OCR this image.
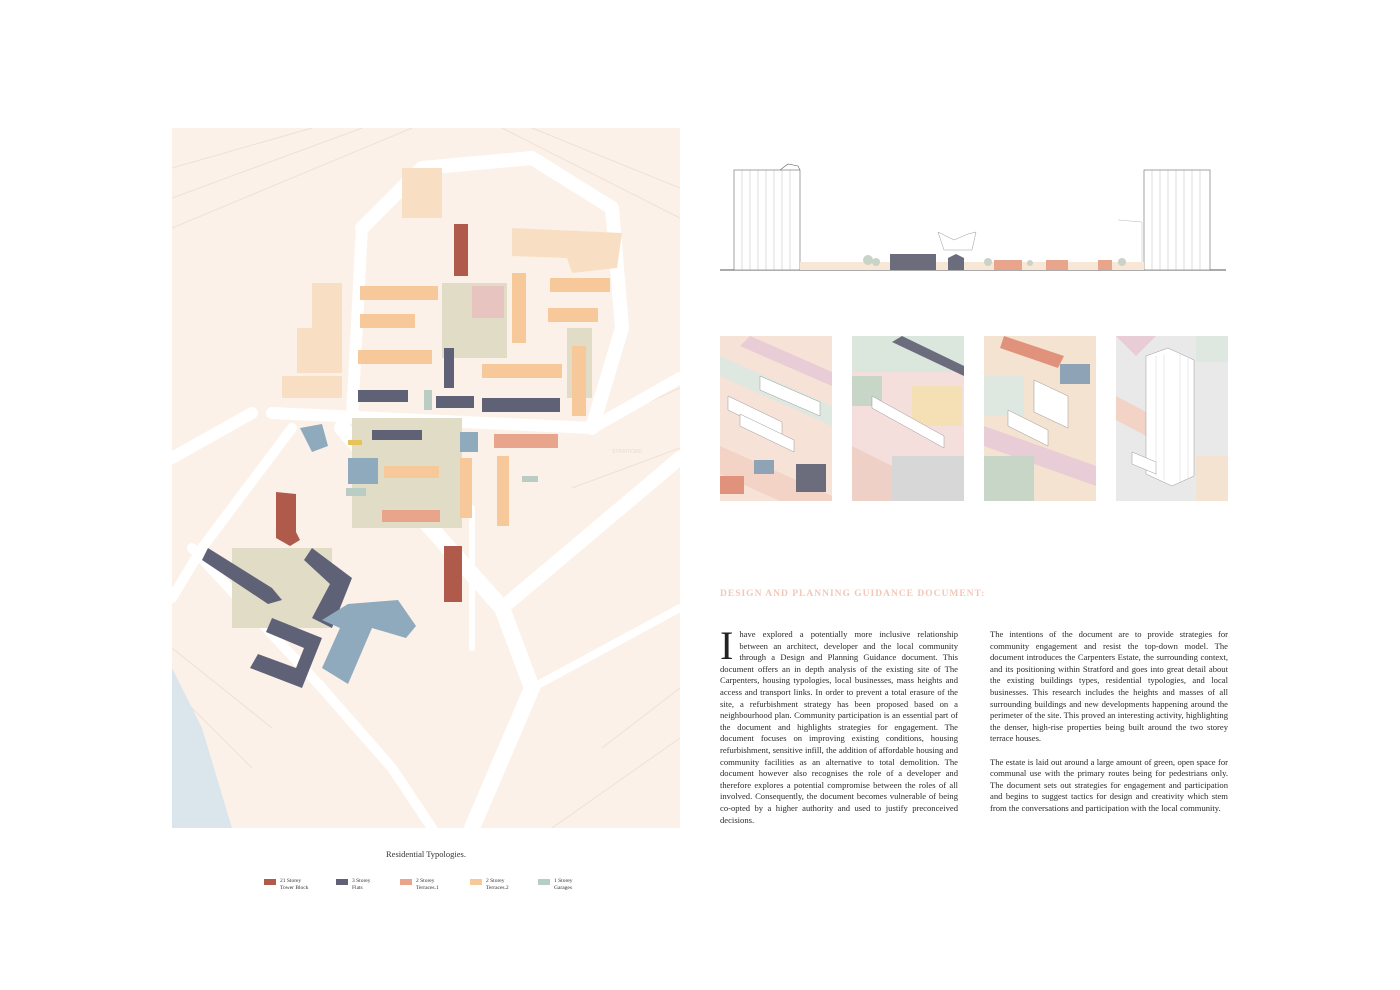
STRATFORD
Residential Typologies.
21 Storey
Tower Block
3 Storey
Flats
2 Storey
Terraces.1
2 Storey
Terraces.2
1 Storey
Garages
DESIGN AND PLANNING GUIDANCE DOCUMENT:

I have explored a potentially more inclusive relationship between an architect, developer and the local community through a Design and Planning Guidance document. This document offers an in depth analysis of the existing site of The Carpenters, housing typologies, local businesses, mass heights and access and transport links. In order to prevent a total erasure of the site, a refurbishment strategy has been proposed based on a neighbourhood plan. Community participation is an essential part of the document and highlights strategies for engagement. The document focuses on improving existing conditions, housing refurbishment, sensitive infill, the addition of affordable housing and community facilities as an alternative to total demolition. The document however also recognises the role of a developer and therefore explores a potential compromise between the roles of all involved. Consequently, the document becomes vulnerable of being co-opted by a higher authority and used to justify preconceived decisions.

The intentions of the document are to provide strategies for community engagement and resist the top-down model. The document introduces the Carpenters Estate, the surrounding context, and its positioning within Stratford and goes into great detail about the existing buildings types, residential typologies, and local businesses. This research includes the heights and masses of all surrounding buildings and new developments happening around the perimeter of the site. This proved an interesting activity, highlighting the denser, high-rise properties being built around the two storey terrace houses.

The estate is laid out around a large amount of green, open space for communal use with the primary routes being for pedestrians only. The document sets out strategies for engagement and participation and begins to suggest tactics for design and creativity which stem from the conversations and participation with the local community.
